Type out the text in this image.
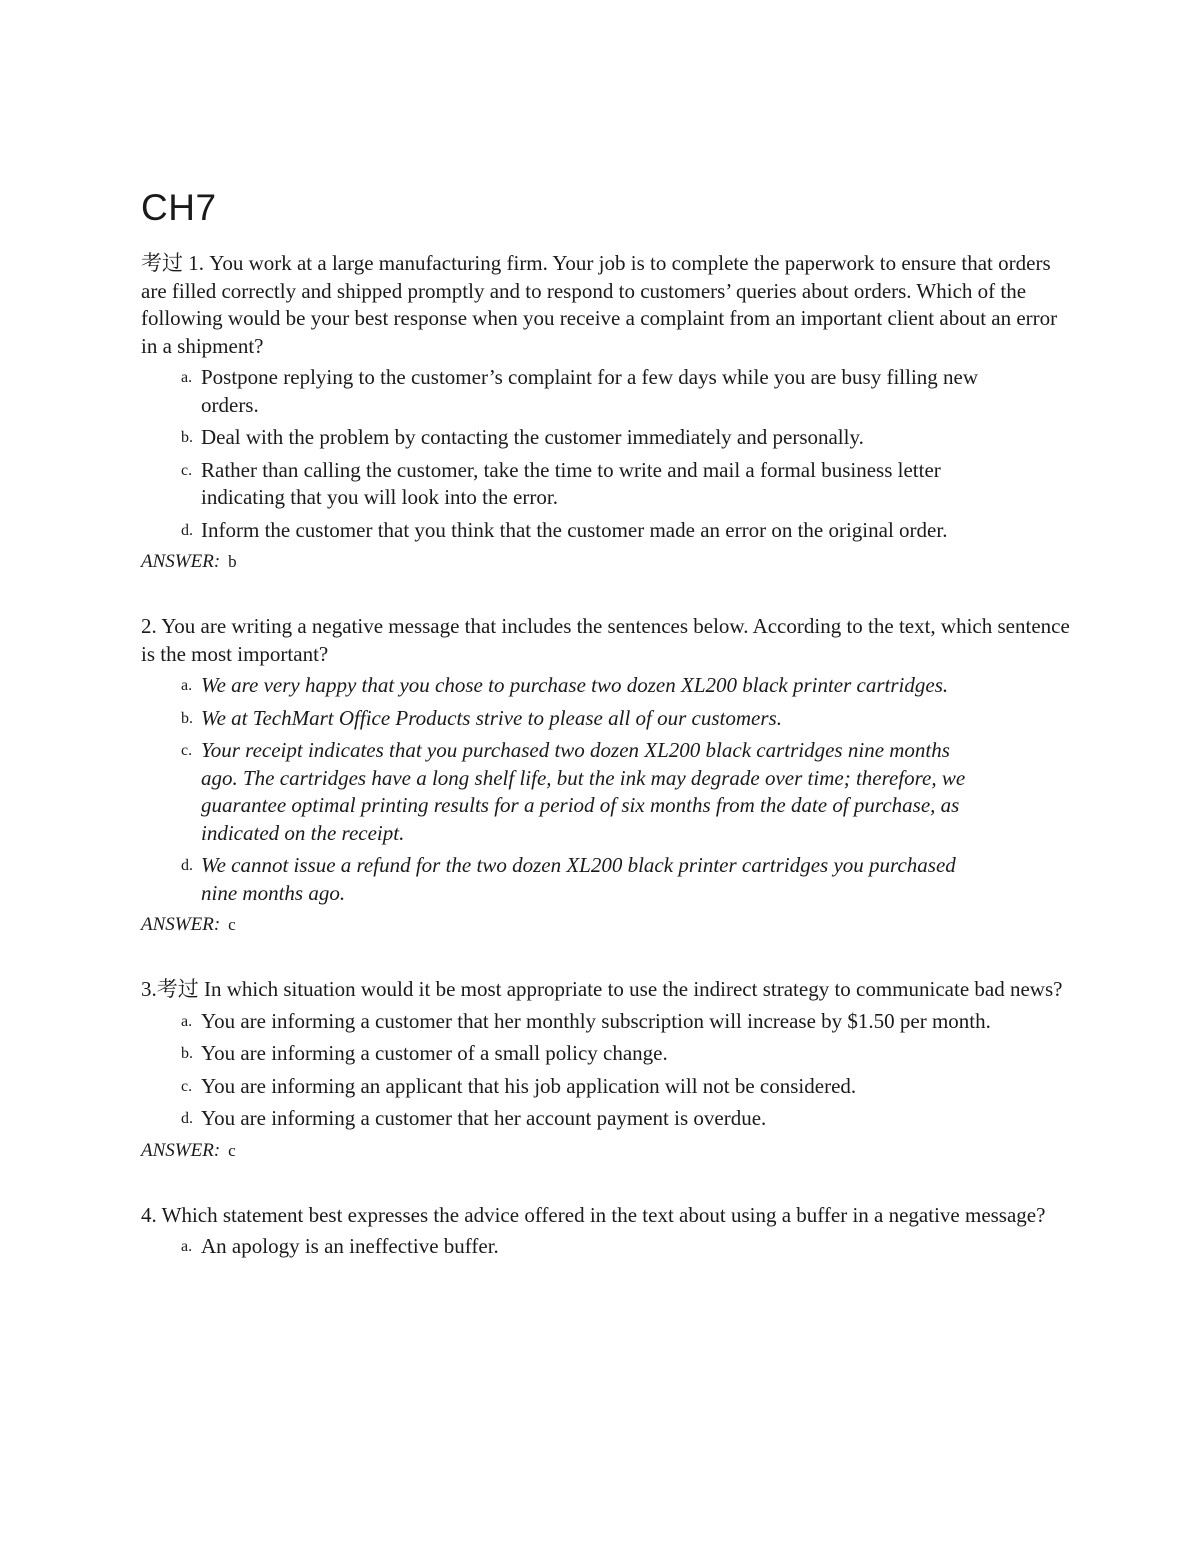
CH7

考过 1. You work at a large manufacturing firm. Your job is to complete the paperwork to ensure that orders are filled correctly and shipped promptly and to respond to customers’ queries about orders. Which of the following would be your best response when you receive a complaint from an important client about an error in a shipment?

a. Postpone replying to the customer’s complaint for a few days while you are busy filling new orders.
b. Deal with the problem by contacting the customer immediately and personally.
c. Rather than calling the customer, take the time to write and mail a formal business letter indicating that you will look into the error.
d. Inform the customer that you think that the customer made an error on the original order.

ANSWER: b

2. You are writing a negative message that includes the sentences below. According to the text, which sentence is the most important?

a. We are very happy that you chose to purchase two dozen XL200 black printer cartridges.
b. We at TechMart Office Products strive to please all of our customers.
c. Your receipt indicates that you purchased two dozen XL200 black cartridges nine months ago. The cartridges have a long shelf life, but the ink may degrade over time; therefore, we guarantee optimal printing results for a period of six months from the date of purchase, as indicated on the receipt.
d. We cannot issue a refund for the two dozen XL200 black printer cartridges you purchased nine months ago.

ANSWER: c

3.考过 In which situation would it be most appropriate to use the indirect strategy to communicate bad news?

a. You are informing a customer that her monthly subscription will increase by $1.50 per month.
b. You are informing a customer of a small policy change.
c. You are informing an applicant that his job application will not be considered.
d. You are informing a customer that her account payment is overdue.

ANSWER: c

4. Which statement best expresses the advice offered in the text about using a buffer in a negative message?

a. An apology is an ineffective buffer.
